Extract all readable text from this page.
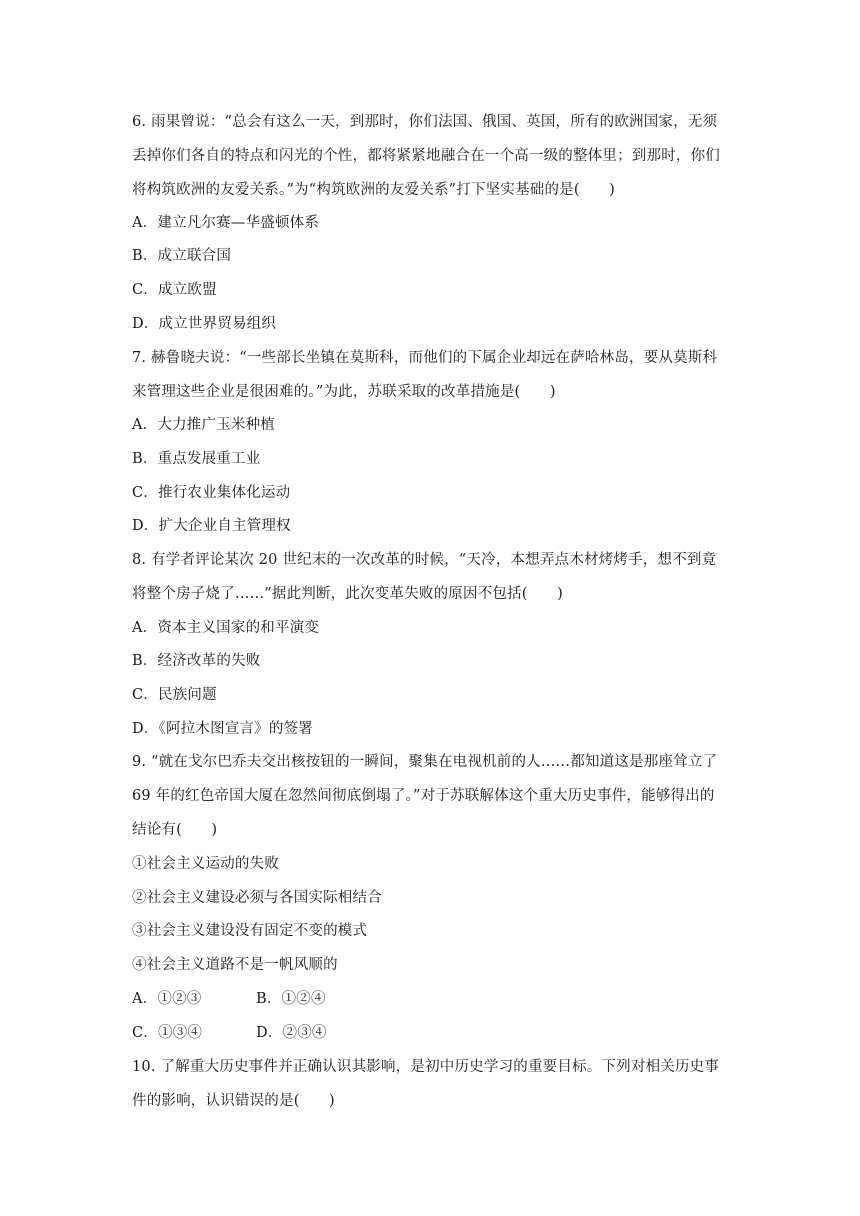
6. 雨果曾说：“总会有这么一天，到那时，你们法国、俄国、英国，所有的欧洲国家，无须
丢掉你们各自的特点和闪光的个性，都将紧紧地融合在一个高一级的整体里；到那时，你们
将构筑欧洲的友爱关系。”为“构筑欧洲的友爱关系”打下坚实基础的是(　　)
A．建立凡尔赛—华盛顿体系
B．成立联合国
C．成立欧盟
D．成立世界贸易组织
7. 赫鲁晓夫说：“一些部长坐镇在莫斯科，而他们的下属企业却远在萨哈林岛，要从莫斯科
来管理这些企业是很困难的。”为此，苏联采取的改革措施是(　　)
A．大力推广玉米种植
B．重点发展重工业
C．推行农业集体化运动
D．扩大企业自主管理权
8. 有学者评论某次 20 世纪末的一次改革的时候，“天冷，本想弄点木材烤烤手，想不到竟
将整个房子烧了……”据此判断，此次变革失败的原因不包括(　　)
A．资本主义国家的和平演变
B．经济改革的失败
C．民族问题
D．《阿拉木图宣言》的签署
9. “就在戈尔巴乔夫交出核按钮的一瞬间，聚集在电视机前的人……都知道这是那座耸立了
69 年的红色帝国大厦在忽然间彻底倒塌了。”对于苏联解体这个重大历史事件，能够得出的
结论有(　　)
①社会主义运动的失败
②社会主义建设必须与各国实际相结合
③社会主义建设没有固定不变的模式
④社会主义道路不是一帆风顺的
A．①②③	B．①②④
C．①③④	D．②③④
10. 了解重大历史事件并正确认识其影响，是初中历史学习的重要目标。下列对相关历史事
件的影响，认识错误的是(　　)
